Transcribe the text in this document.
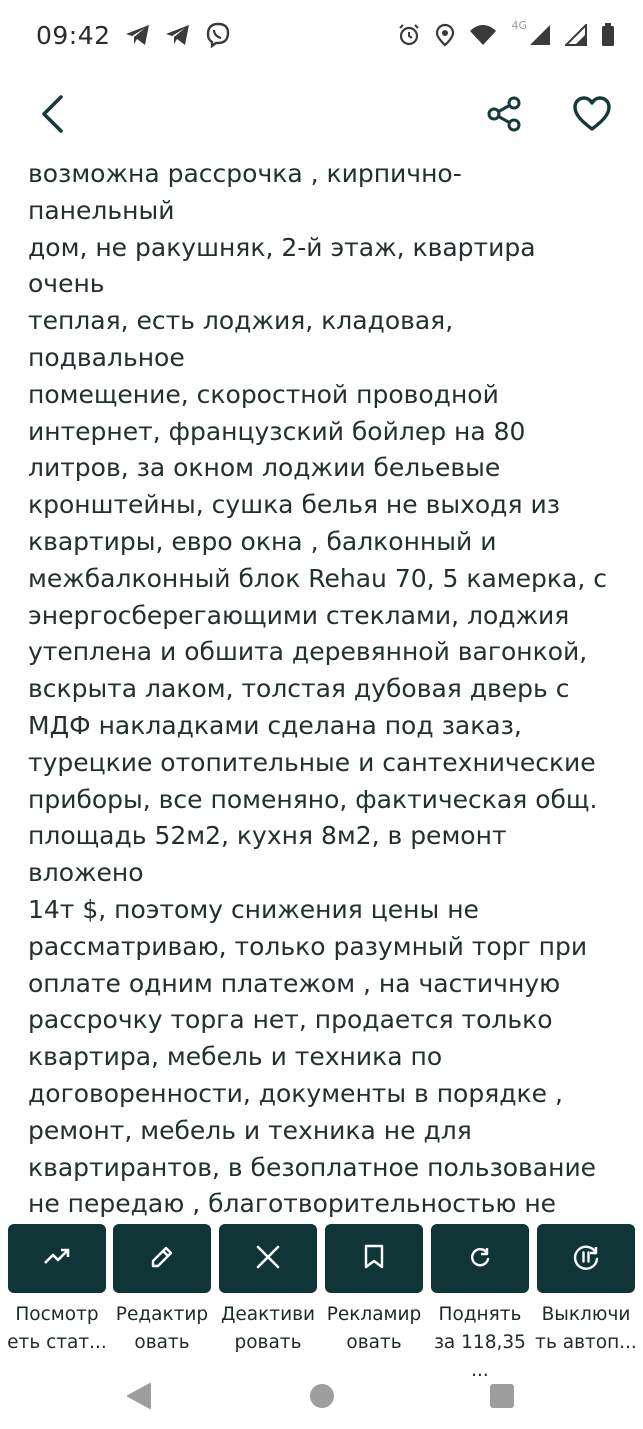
09:42	4G

возможна рассрочка , кирпично- панельный
дом, не ракушняк, 2-й этаж, квартира очень
теплая, есть лоджия, кладовая, подвальное
помещение, скоростной проводной
интернет, французский бойлер на 80
литров, за окном лоджии бельевые
кронштейны, сушка белья не выходя из
квартиры, евро окна , балконный и
межбалконный блок Rehau 70, 5 камерка, с
энергосберегающими стеклами, лоджия
утеплена и обшита деревянной вагонкой,
вскрыта лаком, толстая дубовая дверь с
МДФ накладками сделана под заказ,
турецкие отопительные и сантехнические
приборы, все поменяно, фактическая общ.
площадь 52м2, кухня 8м2, в ремонт вложено
14т $, поэтому снижения цены не
рассматриваю, только разумный торг при
оплате одним платежом , на частичную
рассрочку торга нет, продается только
квартира, мебель и техника по
договоренности, документы в порядке ,
ремонт, мебель и техника не для
квартирантов, в безоплатное пользование
не передаю , благотворительностью не

Посмотр
еть стат...
Редактир
овать
Деактиви
ровать
Рекламир
овать
Поднять
за 118,35 ...
Выключи
ть автоп...
